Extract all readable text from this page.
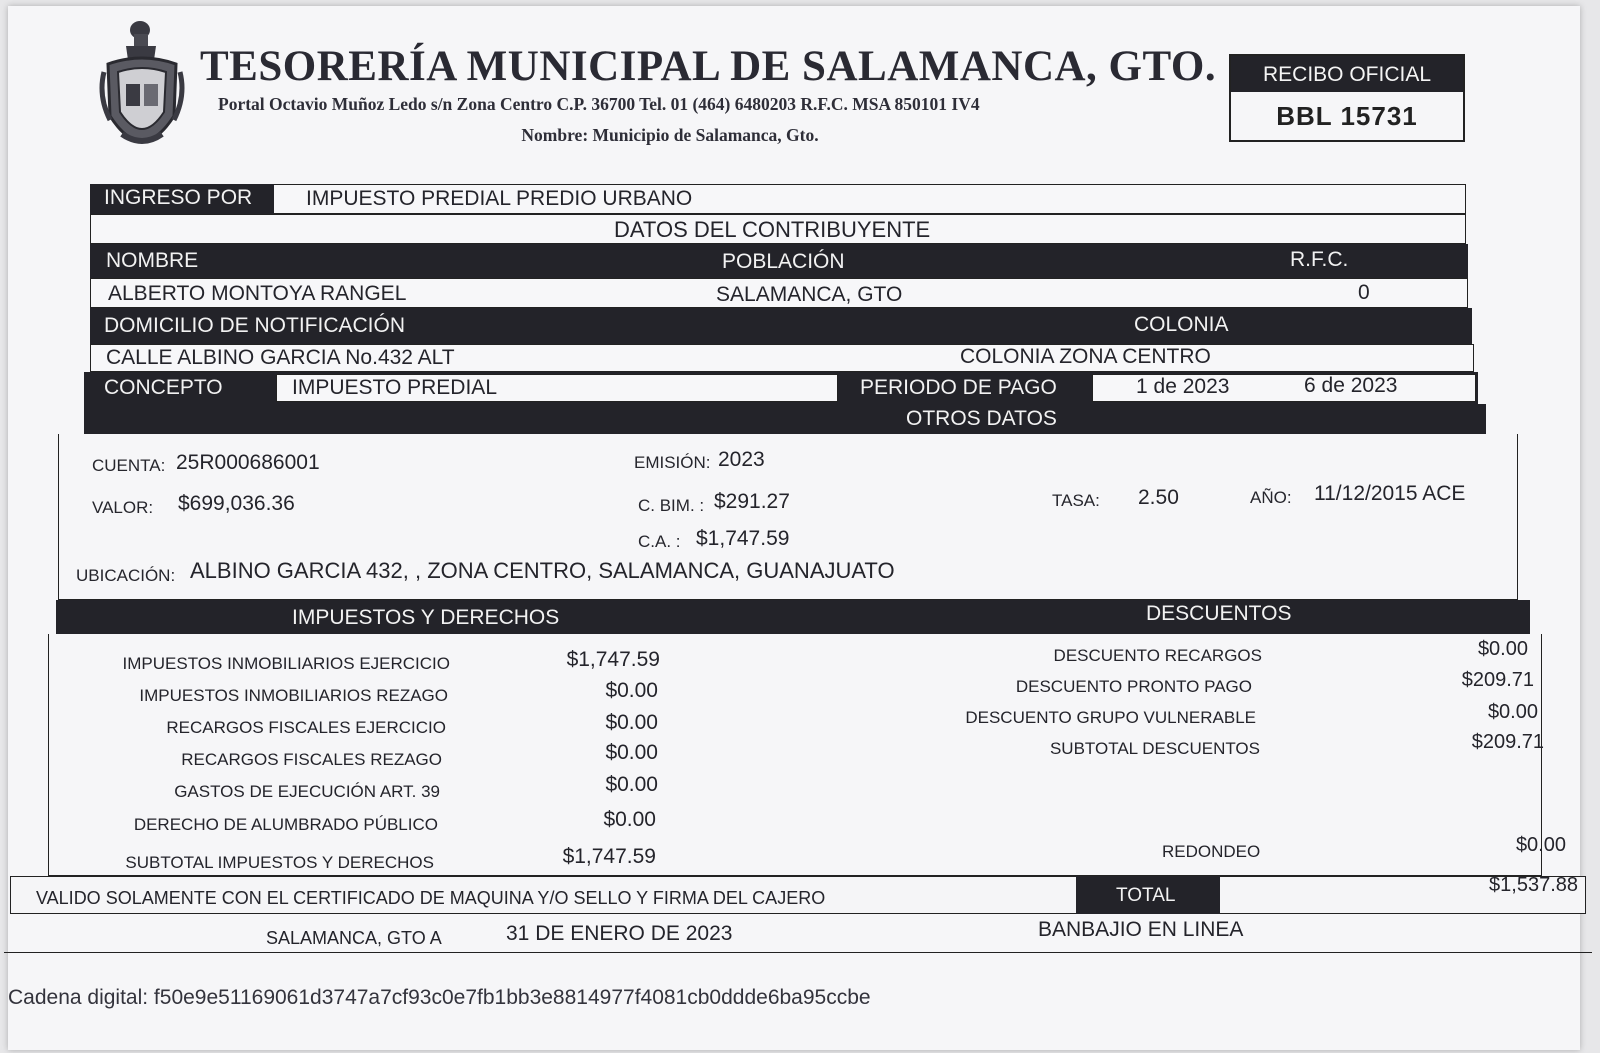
TESORERÍA MUNICIPAL DE SALAMANCA, GTO.
Portal Octavio Muñoz Ledo s/n Zona Centro C.P. 36700 Tel. 01 (464) 6480203 R.F.C. MSA 850101 IV4
Nombre: Municipio de Salamanca, Gto.
RECIBO OFICIAL
BBL 15731
INGRESO POR	IMPUESTO PREDIAL PREDIO URBANO
DATOS DEL CONTRIBUYENTE
NOMBRE	POBLACIÓN	R.F.C.
ALBERTO MONTOYA RANGEL	SALAMANCA, GTO	0
DOMICILIO DE NOTIFICACIÓN	COLONIA
CALLE ALBINO GARCIA No.432 ALT	COLONIA ZONA CENTRO
CONCEPTO	PERIODO DE PAGO
IMPUESTO PREDIAL	1 de 2023	6 de 2023
OTROS DATOS
CUENTA: 25R000686001	EMISIÓN: 2023
VALOR: $699,036.36	C. BIM. : $291.27	TASA: 2.50	AÑO: 11/12/2015 ACE
C.A. : $1,747.59
UBICACIÓN: ALBINO GARCIA 432, , ZONA CENTRO, SALAMANCA, GUANAJUATO
IMPUESTOS Y DERECHOS	DESCUENTOS
IMPUESTOS INMOBILIARIOS EJERCICIO	$1,747.59
IMPUESTOS INMOBILIARIOS REZAGO	$0.00
RECARGOS FISCALES EJERCICIO	$0.00
RECARGOS FISCALES REZAGO	$0.00
GASTOS DE EJECUCIÓN ART. 39	$0.00
DERECHO DE ALUMBRADO PÚBLICO	$0.00
SUBTOTAL IMPUESTOS Y DERECHOS	$1,747.59
DESCUENTO RECARGOS	$0.00
DESCUENTO PRONTO PAGO	$209.71
DESCUENTO GRUPO VULNERABLE	$0.00
SUBTOTAL DESCUENTOS	$209.71
REDONDEO	$0.00
VALIDO SOLAMENTE CON EL CERTIFICADO DE MAQUINA Y/O SELLO Y FIRMA DEL CAJERO	TOTAL	$1,537.88
SALAMANCA, GTO A	31 DE ENERO DE 2023	BANBAJIO EN LINEA
Cadena digital: f50e9e51169061d3747a7cf93c0e7fb1bb3e8814977f4081cb0ddde6ba95ccbe
